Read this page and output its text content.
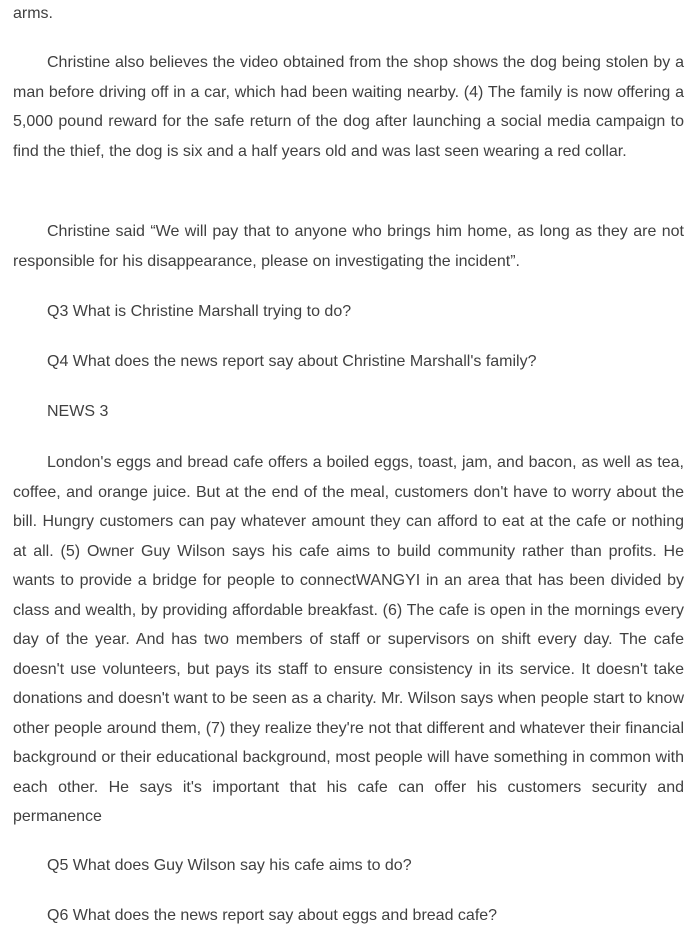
arms.

Christine also believes the video obtained from the shop shows the dog being stolen by a man before driving off in a car, which had been waiting nearby. (4) The family is now offering a 5,000 pound reward for the safe return of the dog after launching a social media campaign to find the thief, the dog is six and a half years old and was last seen wearing a red collar.

Christine said “We will pay that to anyone who brings him home, as long as they are not responsible for his disappearance, please on investigating the incident”.

Q3 What is Christine Marshall trying to do?
Q4 What does the news report say about Christine Marshall's family?
NEWS 3

London's eggs and bread cafe offers a boiled eggs, toast, jam, and bacon, as well as tea, coffee, and orange juice. But at the end of the meal, customers don't have to worry about the bill. Hungry customers can pay whatever amount they can afford to eat at the cafe or nothing at all. (5) Owner Guy Wilson says his cafe aims to build community rather than profits. He wants to provide a bridge for people to connectWANGYI in an area that has been divided by class and wealth, by providing affordable breakfast. (6) The cafe is open in the mornings every day of the year. And has two members of staff or supervisors on shift every day. The cafe doesn't use volunteers, but pays its staff to ensure consistency in its service. It doesn't take donations and doesn't want to be seen as a charity. Mr. Wilson says when people start to know other people around them, (7) they realize they're not that different and whatever their financial background or their educational background, most people will have something in common with each other. He says it's important that his cafe can offer his customers security and permanence

Q5 What does Guy Wilson say his cafe aims to do?
Q6 What does the news report say about eggs and bread cafe?
